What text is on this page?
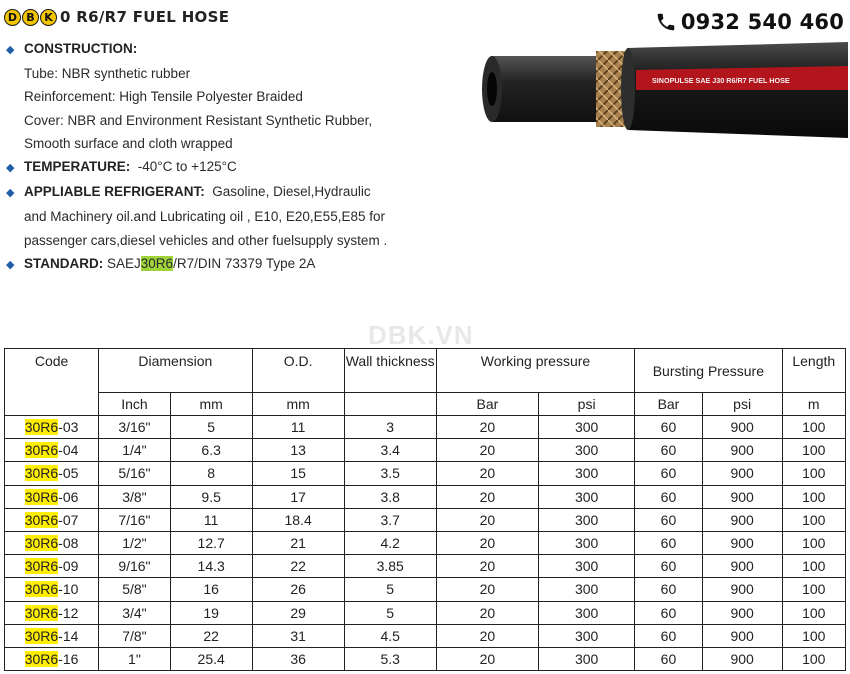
D B K 0 R6/R7 FUEL HOSE	0932 540 460
◆ CONSTRUCTION:
Tube: NBR synthetic rubber
Reinforcement: High Tensile Polyester Braided
Cover: NBR and Environment Resistant Synthetic Rubber,
Smooth surface and cloth wrapped
◆ TEMPERATURE: -40°C to +125°C
◆ APPLIABLE REFRIGERANT: Gasoline, Diesel,Hydraulic
and Machinery oil.and Lubricating oil , E10, E20,E55,E85 for
passenger cars,diesel vehicles and other fuelsupply system .
◆ STANDARD: SAEJ30R6/R7/DIN 73379 Type 2A
SINOPULSE SAE J30 R6/R7 FUEL HOSE
DBK.VN
Code	Diamension		O.D.	Wall thickness	Working pressure		Bursting Pressure		Length
	Inch	mm	mm		Bar	psi	Bar	psi	m
30R6-03	3/16"	5	11	3	20	300	60	900	100
30R6-04	1/4"	6.3	13	3.4	20	300	60	900	100
30R6-05	5/16"	8	15	3.5	20	300	60	900	100
30R6-06	3/8"	9.5	17	3.8	20	300	60	900	100
30R6-07	7/16"	11	18.4	3.7	20	300	60	900	100
30R6-08	1/2"	12.7	21	4.2	20	300	60	900	100
30R6-09	9/16"	14.3	22	3.85	20	300	60	900	100
30R6-10	5/8"	16	26	5	20	300	60	900	100
30R6-12	3/4"	19	29	5	20	300	60	900	100
30R6-14	7/8"	22	31	4.5	20	300	60	900	100
30R6-16	1"	25.4	36	5.3	20	300	60	900	100
